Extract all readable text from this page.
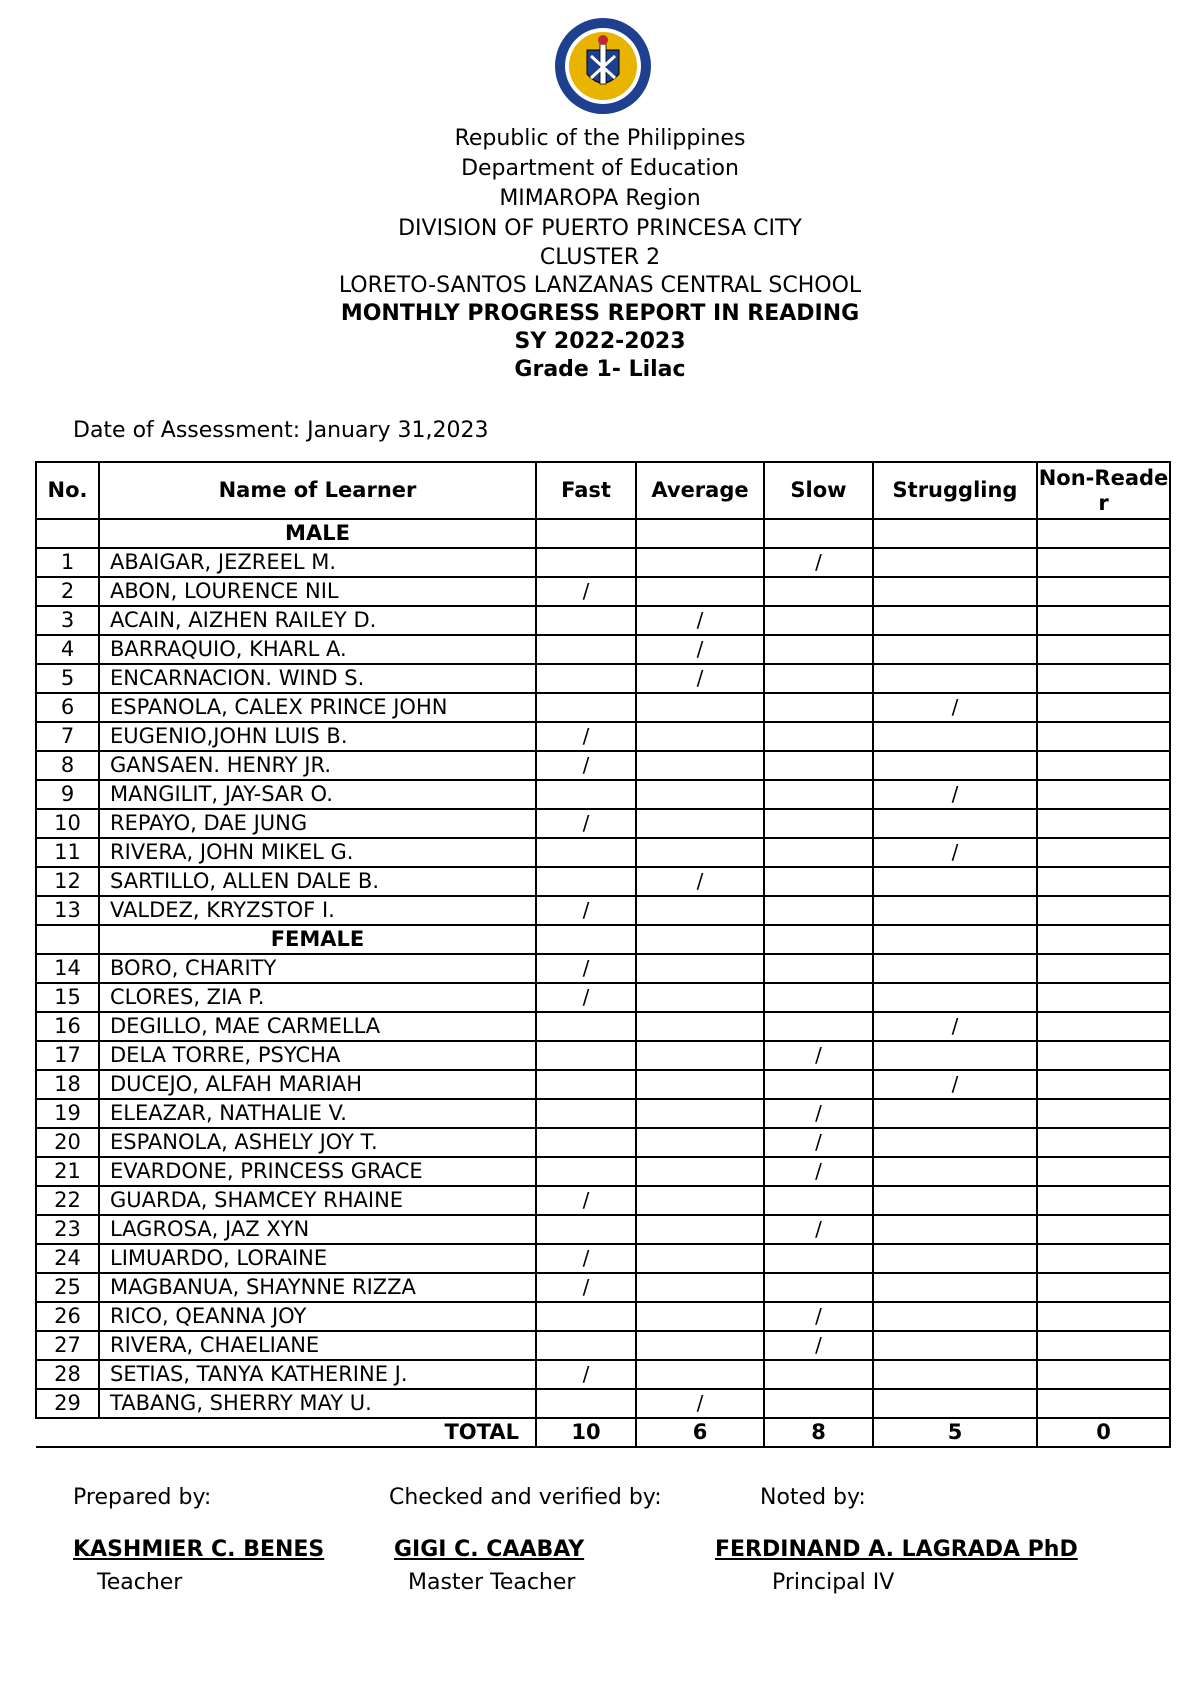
Republic of the Philippines
Department of Education
MIMAROPA Region
DIVISION OF PUERTO PRINCESA CITY
CLUSTER 2
LORETO-SANTOS LANZANAS CENTRAL SCHOOL
MONTHLY PROGRESS REPORT IN READING
SY 2022-2023
Grade 1- Lilac
Date of Assessment: January 31,2023
No.	Name of Learner	Fast	Average	Slow	Struggling	Non-Reader
	MALE					
1	ABAIGAR, JEZREEL M.			/		
2	ABON, LOURENCE NIL	/				
3	ACAIN, AIZHEN RAILEY D.		/			
4	BARRAQUIO, KHARL A.		/			
5	ENCARNACION. WIND S.		/			
6	ESPANOLA, CALEX PRINCE JOHN				/	
7	EUGENIO,JOHN LUIS B.	/				
8	GANSAEN. HENRY JR.	/				
9	MANGILIT, JAY-SAR O.				/	
10	REPAYO, DAE JUNG	/				
11	RIVERA, JOHN MIKEL G.				/	
12	SARTILLO, ALLEN DALE B.		/			
13	VALDEZ, KRYZSTOF I.	/				
	FEMALE					
14	BORO, CHARITY	/				
15	CLORES, ZIA P.	/				
16	DEGILLO, MAE CARMELLA				/	
17	DELA TORRE, PSYCHA			/		
18	DUCEJO, ALFAH MARIAH				/	
19	ELEAZAR, NATHALIE V.			/		
20	ESPANOLA, ASHELY JOY T.			/		
21	EVARDONE, PRINCESS GRACE			/		
22	GUARDA, SHAMCEY RHAINE	/				
23	LAGROSA, JAZ XYN			/		
24	LIMUARDO, LORAINE	/				
25	MAGBANUA, SHAYNNE RIZZA	/				
26	RICO, QEANNA JOY			/		
27	RIVERA, CHAELIANE			/		
28	SETIAS, TANYA KATHERINE J.	/				
29	TABANG, SHERRY MAY U.		/			
TOTAL		10	6	8	5	0
Prepared by:	Checked and verified by:	Noted by:
KASHMIER C. BENES	GIGI C. CAABAY	FERDINAND A. LAGRADA PhD
Teacher	Master Teacher	Principal IV
